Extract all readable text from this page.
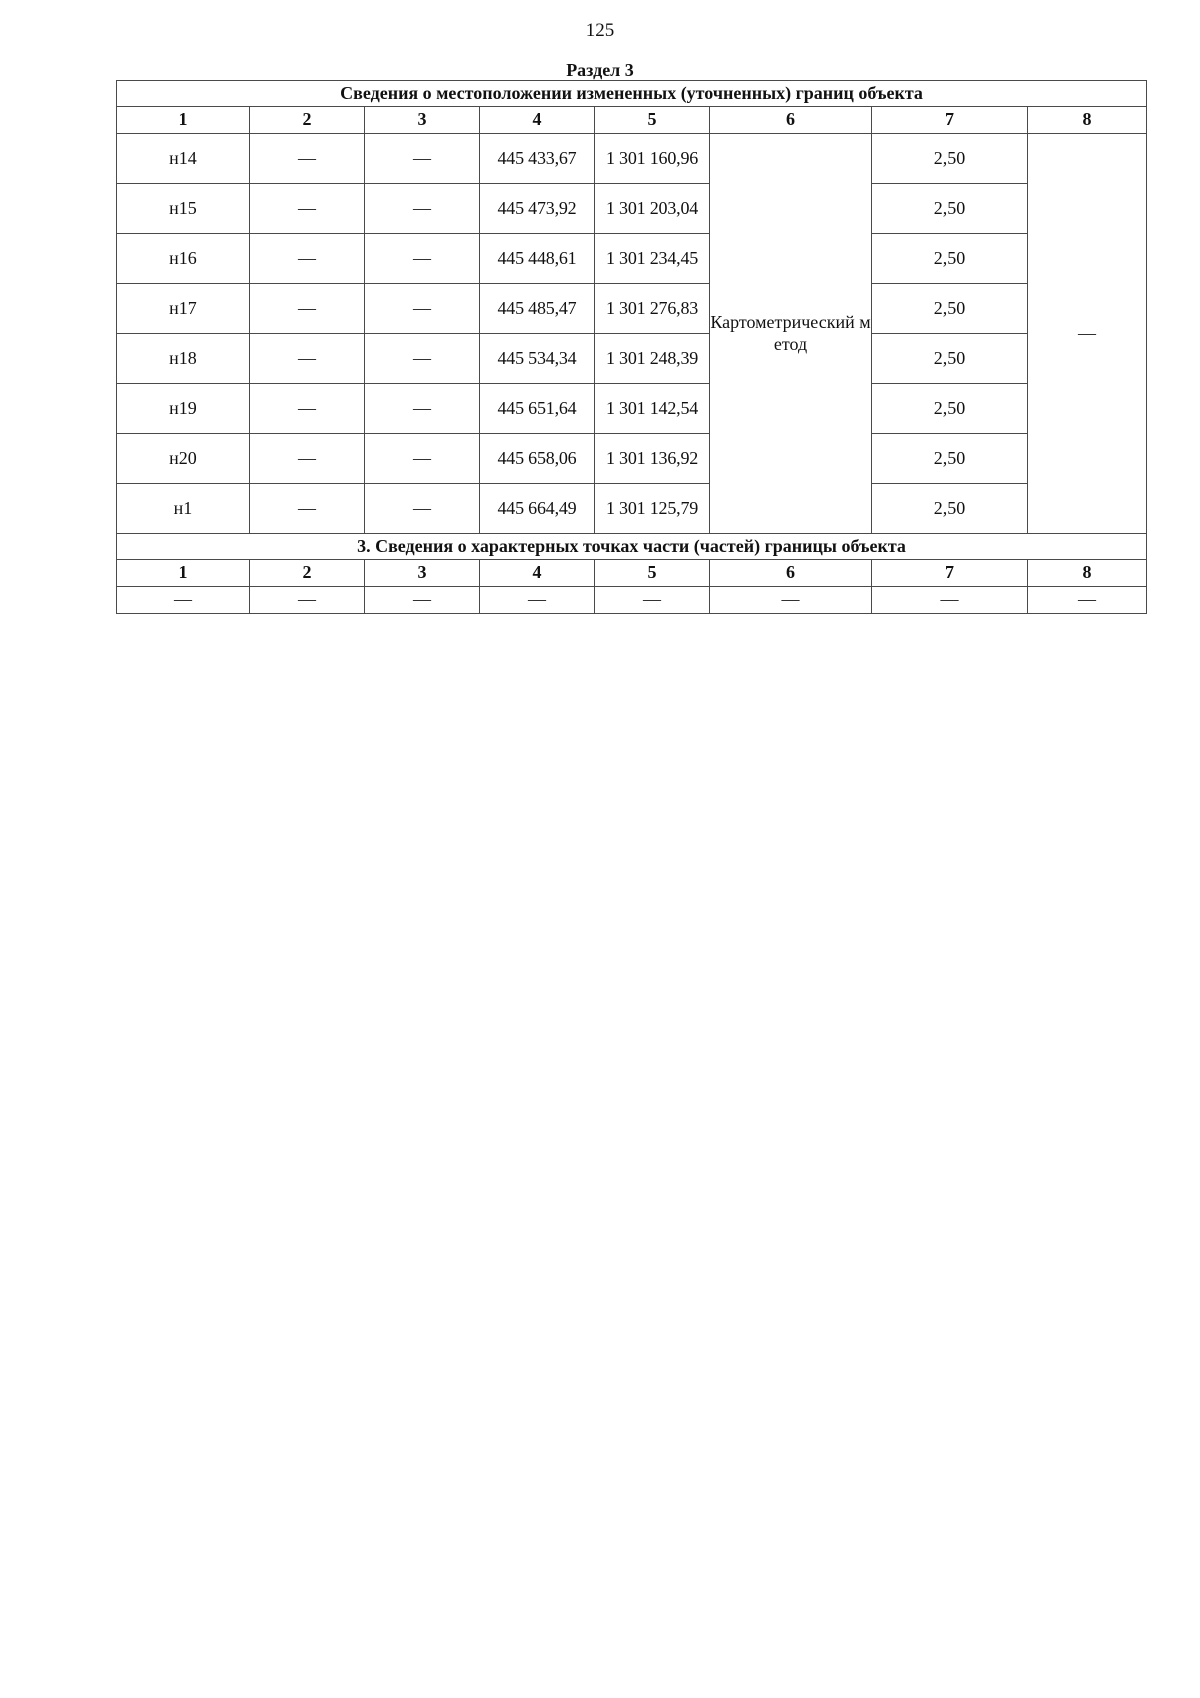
125
Раздел 3
Сведения о местоположении измененных (уточненных) границ объекта							
1	2	3	4	5	6	7	8
н14	—	—	445 433,67	1 301 160,96	Картометрический метод	2,50	—
н15	—	—	445 473,92	1 301 203,04		2,50	
н16	—	—	445 448,61	1 301 234,45		2,50	
н17	—	—	445 485,47	1 301 276,83		2,50	
н18	—	—	445 534,34	1 301 248,39		2,50	
н19	—	—	445 651,64	1 301 142,54		2,50	
н20	—	—	445 658,06	1 301 136,92		2,50	
н1	—	—	445 664,49	1 301 125,79		2,50	
3. Сведения о характерных точках части (частей) границы объекта							
1	2	3	4	5	6	7	8
—	—	—	—	—	—	—	—
